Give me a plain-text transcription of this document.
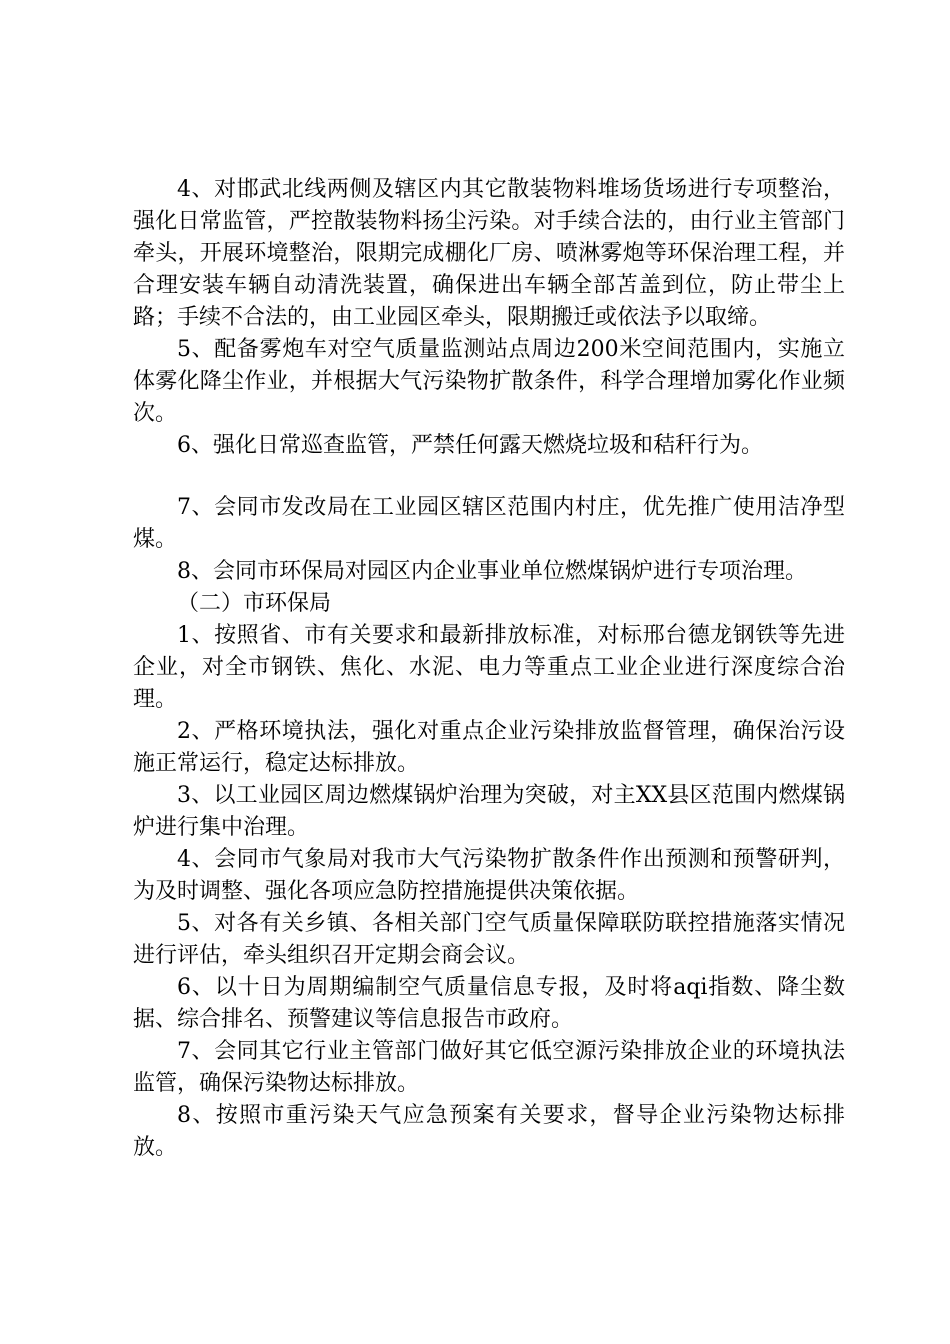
4、对邯武北线两侧及辖区内其它散装物料堆场货场进行专项整治，强化日常监管，严控散装物料扬尘污染。对手续合法的，由行业主管部门牵头，开展环境整治，限期完成棚化厂房、喷淋雾炮等环保治理工程，并合理安装车辆自动清洗装置，确保进出车辆全部苫盖到位，防止带尘上路；手续不合法的，由工业园区牵头，限期搬迁或依法予以取缔。

5、配备雾炮车对空气质量监测站点周边200米空间范围内，实施立体雾化降尘作业，并根据大气污染物扩散条件，科学合理增加雾化作业频次。

6、强化日常巡查监管，严禁任何露天燃烧垃圾和秸秆行为。

7、会同市发改局在工业园区辖区范围内村庄，优先推广使用洁净型煤。

8、会同市环保局对园区内企业事业单位燃煤锅炉进行专项治理。

（二）市环保局

1、按照省、市有关要求和最新排放标准，对标邢台德龙钢铁等先进企业，对全市钢铁、焦化、水泥、电力等重点工业企业进行深度综合治理。

2、严格环境执法，强化对重点企业污染排放监督管理，确保治污设施正常运行，稳定达标排放。

3、以工业园区周边燃煤锅炉治理为突破，对主XX县区范围内燃煤锅炉进行集中治理。

4、会同市气象局对我市大气污染物扩散条件作出预测和预警研判，为及时调整、强化各项应急防控措施提供决策依据。

5、对各有关乡镇、各相关部门空气质量保障联防联控措施落实情况进行评估，牵头组织召开定期会商会议。

6、以十日为周期编制空气质量信息专报，及时将aqi指数、降尘数据、综合排名、预警建议等信息报告市政府。

7、会同其它行业主管部门做好其它低空源污染排放企业的环境执法监管，确保污染物达标排放。

8、按照市重污染天气应急预案有关要求，督导企业污染物达标排放。
